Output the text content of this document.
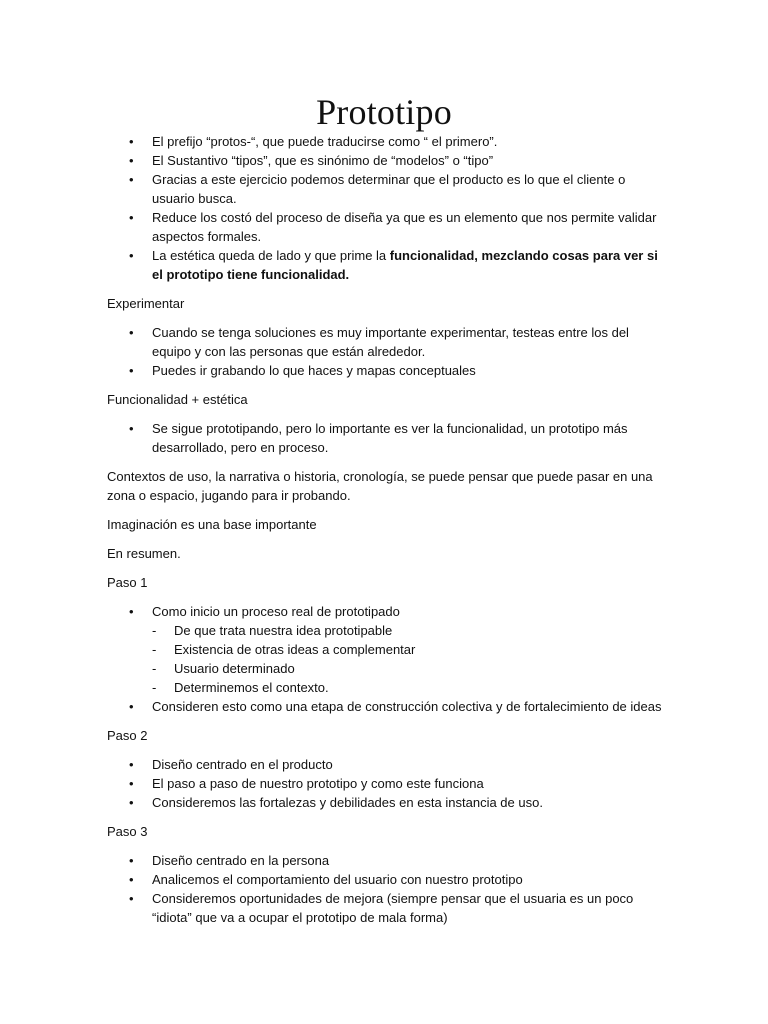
Prototipo
• El prefijo “protos-“, que puede traducirse como “ el primero”.
• El Sustantivo “tipos”, que es sinónimo de “modelos” o “tipo”
• Gracias a este ejercicio podemos determinar que el producto es lo que el cliente o usuario busca.
• Reduce los costó del proceso de diseña ya que es un elemento que nos permite validar aspectos formales.
• La estética queda de lado y que prime la funcionalidad, mezclando cosas para ver si el prototipo tiene funcionalidad.

Experimentar

• Cuando se tenga soluciones es muy importante experimentar, testeas entre los del equipo y con las personas que están alrededor.
• Puedes ir grabando lo que haces y mapas conceptuales

Funcionalidad + estética

• Se sigue prototipando, pero lo importante es ver la funcionalidad, un prototipo más desarrollado, pero en proceso.

Contextos de uso, la narrativa o historia, cronología, se puede pensar que puede pasar en una zona o espacio, jugando para ir probando.

Imaginación es una base importante

En resumen.

Paso 1

• Como inicio un proceso real de prototipado
- De que trata nuestra idea prototipable
- Existencia de otras ideas a complementar
- Usuario determinado
- Determinemos el contexto.
• Consideren esto como una etapa de construcción colectiva y de fortalecimiento de ideas

Paso 2

• Diseño centrado en el producto
• El paso a paso de nuestro prototipo y como este funciona
• Consideremos las fortalezas y debilidades en esta instancia de uso.

Paso 3

• Diseño centrado en la persona
• Analicemos el comportamiento del usuario con nuestro prototipo
• Consideremos oportunidades de mejora (siempre pensar que el usuaria es un poco “idiota” que va a ocupar el prototipo de mala forma)
